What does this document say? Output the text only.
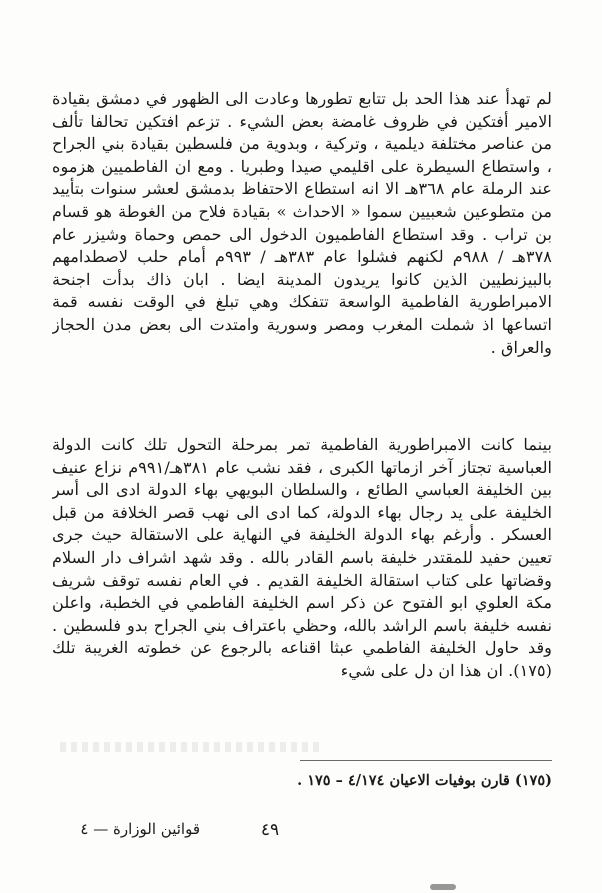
لم تهدأ عند هذا الحد بل تتابع تطورها وعادت الى الظهور في دمشق بقيادة الامير أفتكين في ظروف غامضة بعض الشيء . تزعم افتكين تحالفا تألف من عناصر مختلفة ديلمية ، وتركية ، وبدوية من فلسطين بقيادة بني الجراح ، واستطاع السيطرة على اقليمي صيدا وطبريا . ومع ان الفاطميين هزموه عند الرملة عام ٣٦٨هـ الا انه استطاع الاحتفاظ بدمشق لعشر سنوات بتأييد من متطوعين شعبيين سموا « الاحداث » بقيادة فلاح من الغوطة هو قسام بن تراب . وقد استطاع الفاطميون الدخول الى حمص وحماة وشيزر عام ٣٧٨هـ / ٩٨٨م لكنهم فشلوا عام ٣٨٣هـ / ٩٩٣م أمام حلب لاصطدامهم بالبيزنطيين الذين كانوا يريدون المدينة ايضا . ابان ذاك بدأت اجنحة الامبراطورية الفاطمية الواسعة تتفكك وهي تبلغ في الوقت نفسه قمة اتساعها اذ شملت المغرب ومصر وسورية وامتدت الى بعض مدن الحجاز والعراق .

بينما كانت الامبراطورية الفاطمية تمر بمرحلة التحول تلك كانت الدولة العباسية تجتاز آخر ازماتها الكبرى ، فقد نشب عام ٣٨١هـ/٩٩١م نزاع عنيف بين الخليفة العباسي الطائع ، والسلطان البويهي بهاء الدولة ادى الى أسر الخليفة على يد رجال بهاء الدولة، كما ادى الى نهب قصر الخلافة من قبل العسكر . وأرغم بهاء الدولة الخليفة في النهاية على الاستقالة حيث جرى تعيين حفيد للمقتدر خليفة باسم القادر بالله . وقد شهد اشراف دار السلام وقضاتها على كتاب استقالة الخليفة القديم . في العام نفسه توقف شريف مكة العلوي ابو الفتوح عن ذكر اسم الخليفة الفاطمي في الخطبة، واعلن نفسه خليفة باسم الراشد بالله، وحظي باعتراف بني الجراح بدو فلسطين . وقد حاول الخليفة الفاطمي عبثا اقناعه بالرجوع عن خطوته الغريبة تلك (١٧٥). ان هذا ان دل على شيء

(١٧٥) قارن بوفيات الاعيان ٤/١٧٤ – ١٧٥ .

٤٩

قوائين الوزارة — ٤
